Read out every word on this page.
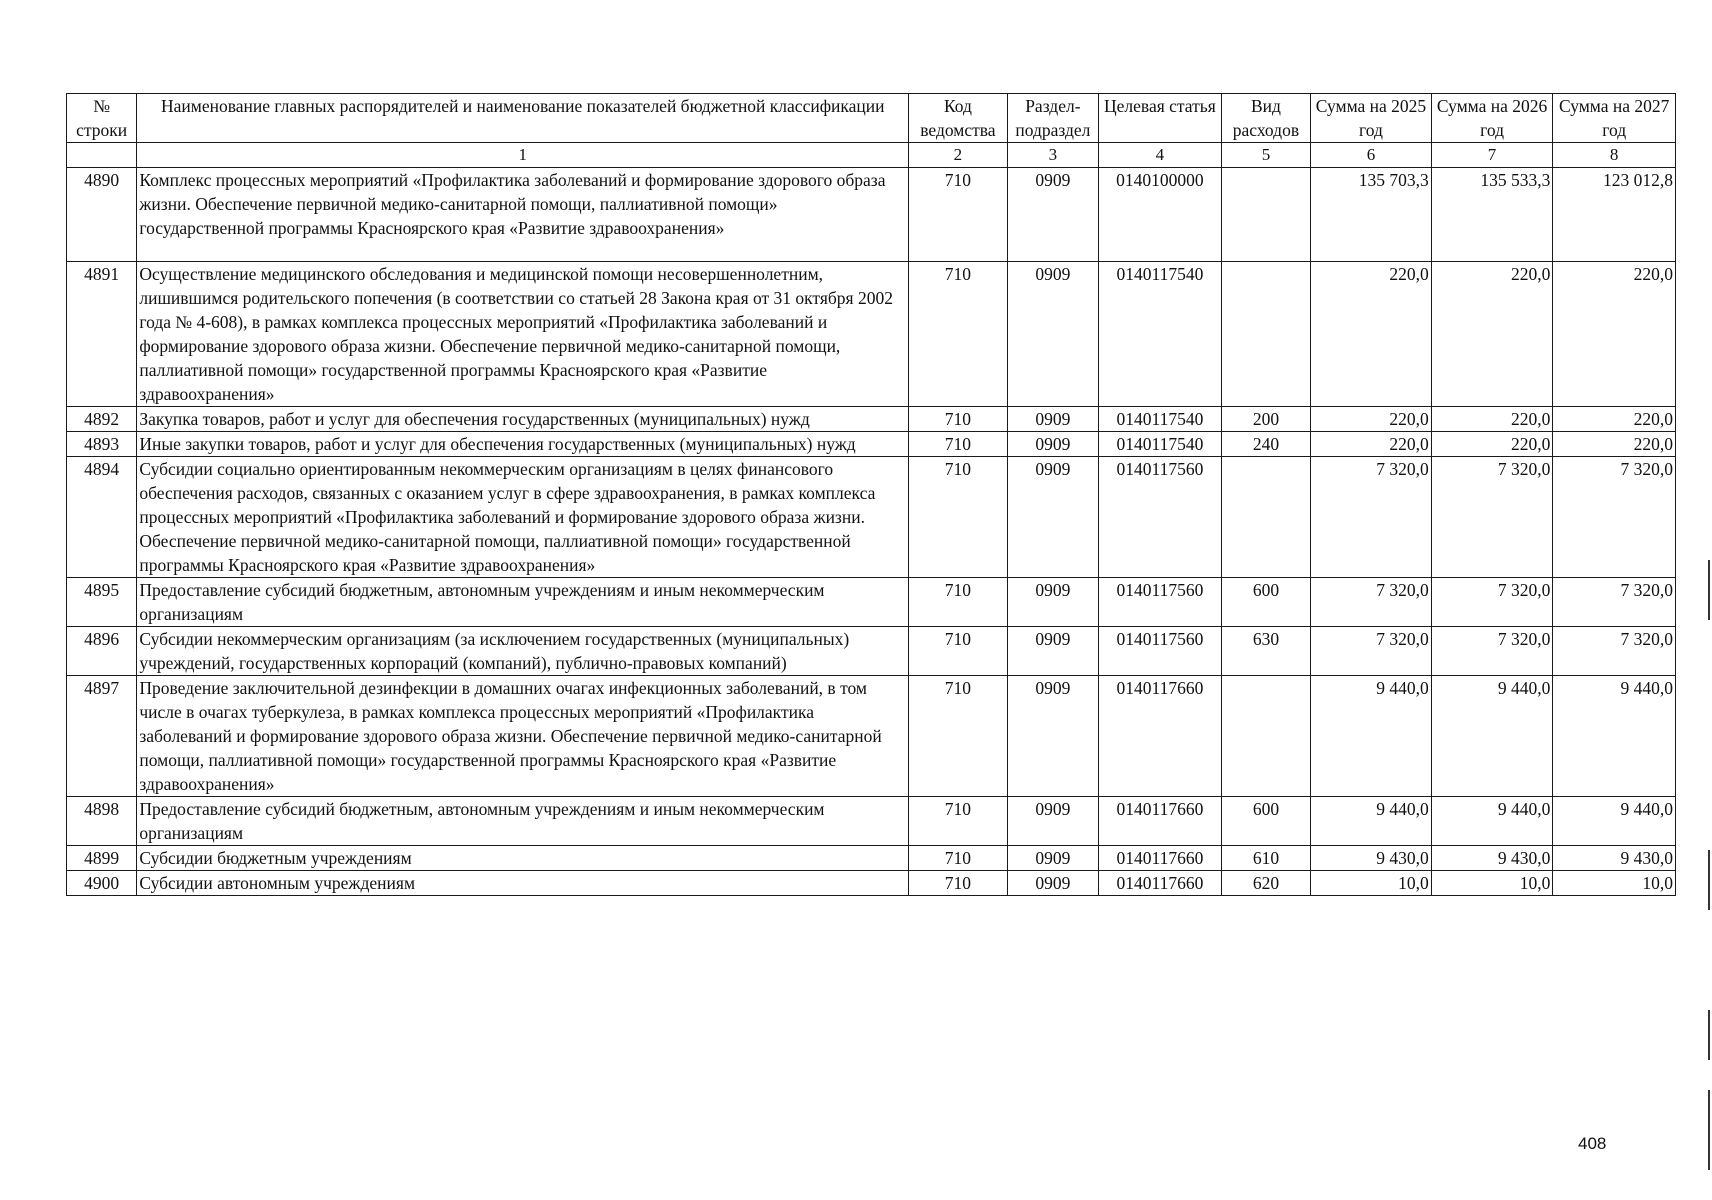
№ строки	Наименование главных распорядителей и наименование показателей бюджетной классификации	Код ведомства	Раздел- подраздел	Целевая статья	Вид расходов	Сумма на 2025 год	Сумма на 2026 год	Сумма на 2027 год
	1	2	3	4	5	6	7	8
4890	Комплекс процессных мероприятий «Профилактика заболеваний и формирование здорового образа жизни. Обеспечение первичной медико-санитарной помощи, паллиативной помощи» государственной программы Красноярского края «Развитие здравоохранения»	710	0909	0140100000		135 703,3	135 533,3	123 012,8
4891	Осуществление медицинского обследования и медицинской помощи несовершеннолетним, лишившимся родительского попечения (в соответствии со статьей 28 Закона края от 31 октября 2002 года № 4-608), в рамках комплекса процессных мероприятий «Профилактика заболеваний и формирование здорового образа жизни. Обеспечение первичной медико-санитарной помощи, паллиативной помощи» государственной программы Красноярского края «Развитие здравоохранения»	710	0909	0140117540		220,0	220,0	220,0
4892	Закупка товаров, работ и услуг для обеспечения государственных (муниципальных) нужд	710	0909	0140117540	200	220,0	220,0	220,0
4893	Иные закупки товаров, работ и услуг для обеспечения государственных (муниципальных) нужд	710	0909	0140117540	240	220,0	220,0	220,0
4894	Субсидии социально ориентированным некоммерческим организациям в целях финансового обеспечения расходов, связанных с оказанием услуг в сфере здравоохранения, в рамках комплекса процессных мероприятий «Профилактика заболеваний и формирование здорового образа жизни. Обеспечение первичной медико-санитарной помощи, паллиативной помощи» государственной программы Красноярского края «Развитие здравоохранения»	710	0909	0140117560		7 320,0	7 320,0	7 320,0
4895	Предоставление субсидий бюджетным, автономным учреждениям и иным некоммерческим организациям	710	0909	0140117560	600	7 320,0	7 320,0	7 320,0
4896	Субсидии некоммерческим организациям (за исключением государственных (муниципальных) учреждений, государственных корпораций (компаний), публично-правовых компаний)	710	0909	0140117560	630	7 320,0	7 320,0	7 320,0
4897	Проведение заключительной дезинфекции в домашних очагах инфекционных заболеваний, в том числе в очагах туберкулеза, в рамках комплекса процессных мероприятий «Профилактика заболеваний и формирование здорового образа жизни. Обеспечение первичной медико-санитарной помощи, паллиативной помощи» государственной программы Красноярского края «Развитие здравоохранения»	710	0909	0140117660		9 440,0	9 440,0	9 440,0
4898	Предоставление субсидий бюджетным, автономным учреждениям и иным некоммерческим организациям	710	0909	0140117660	600	9 440,0	9 440,0	9 440,0
4899	Субсидии бюджетным учреждениям	710	0909	0140117660	610	9 430,0	9 430,0	9 430,0
4900	Субсидии автономным учреждениям	710	0909	0140117660	620	10,0	10,0	10,0
408
